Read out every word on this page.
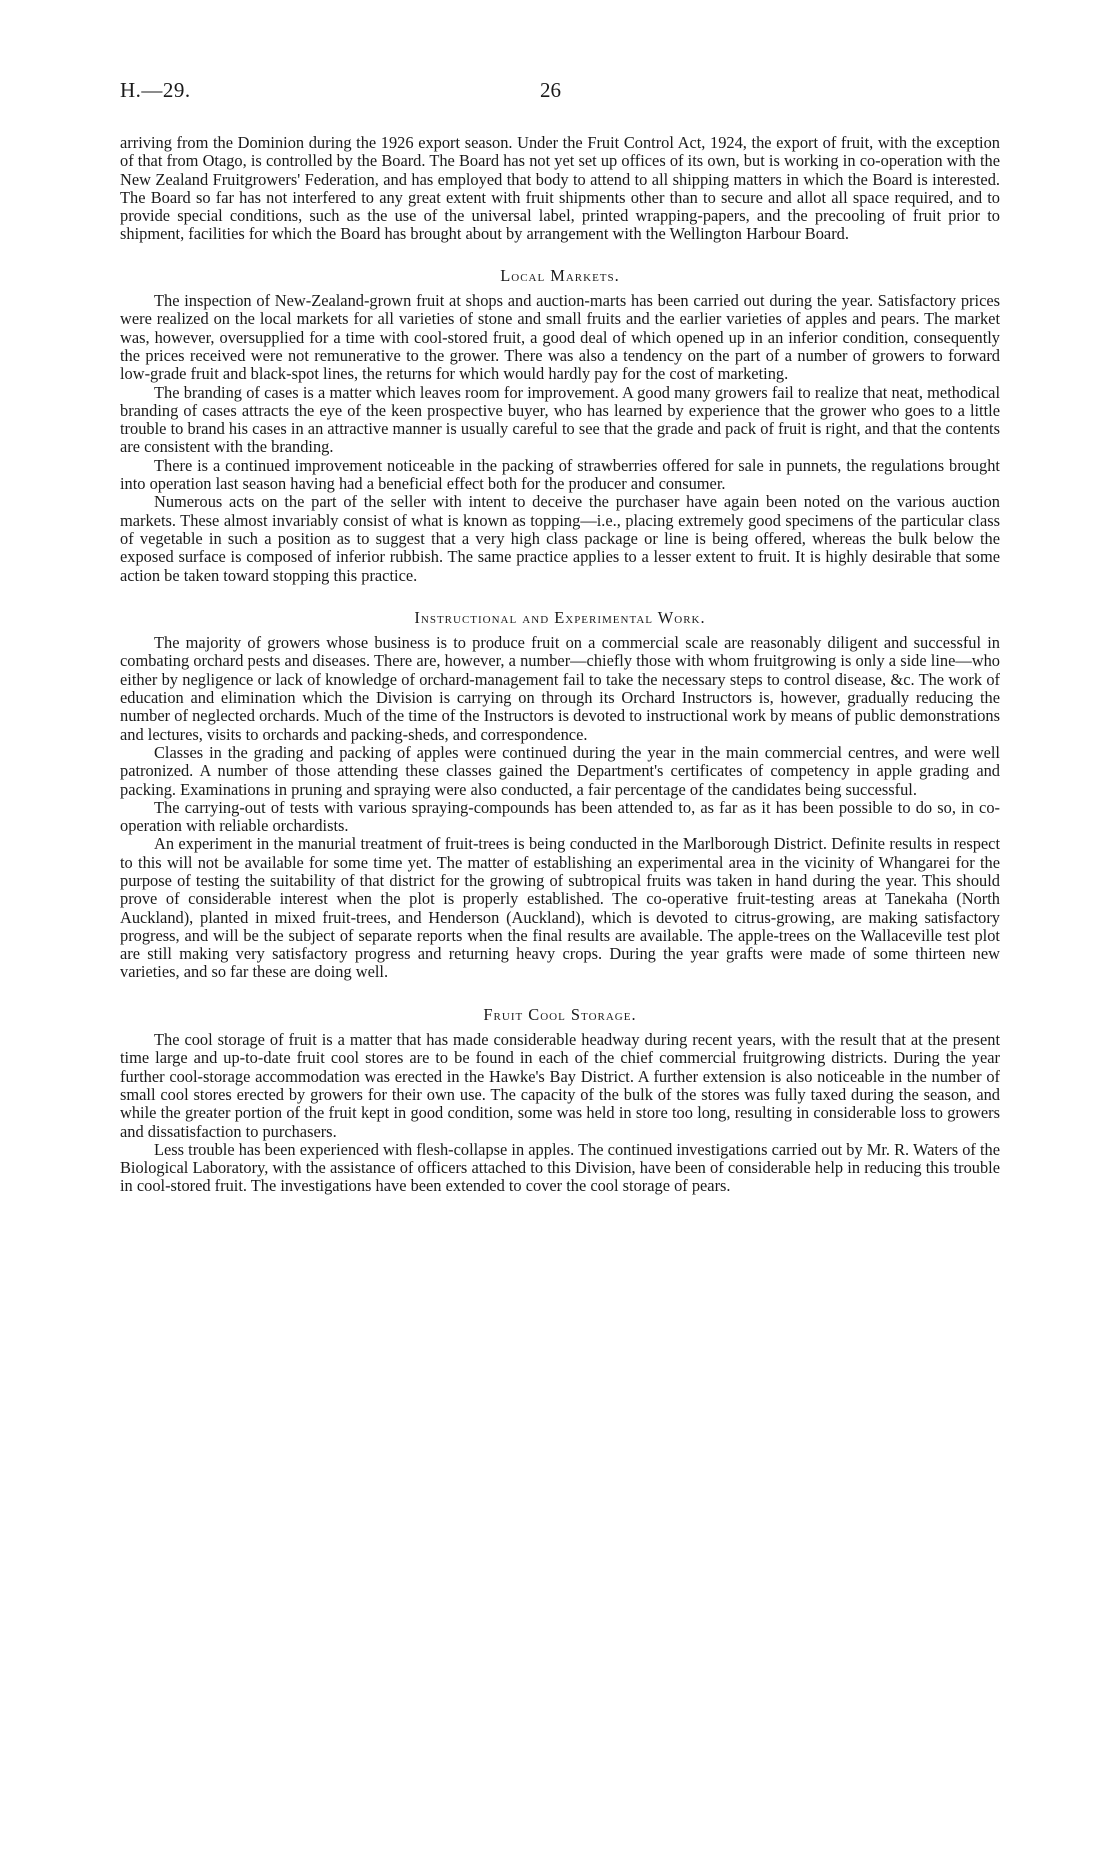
H.—29.	26

arriving from the Dominion during the 1926 export season. Under the Fruit Control Act, 1924, the export of fruit, with the exception of that from Otago, is controlled by the Board. The Board has not yet set up offices of its own, but is working in co-operation with the New Zealand Fruitgrowers' Federation, and has employed that body to attend to all shipping matters in which the Board is interested. The Board so far has not interfered to any great extent with fruit shipments other than to secure and allot all space required, and to provide special conditions, such as the use of the universal label, printed wrapping-papers, and the precooling of fruit prior to shipment, facilities for which the Board has brought about by arrangement with the Wellington Harbour Board.

Local Markets.

The inspection of New-Zealand-grown fruit at shops and auction-marts has been carried out during the year. Satisfactory prices were realized on the local markets for all varieties of stone and small fruits and the earlier varieties of apples and pears. The market was, however, oversupplied for a time with cool-stored fruit, a good deal of which opened up in an inferior condition, consequently the prices received were not remunerative to the grower. There was also a tendency on the part of a number of growers to forward low-grade fruit and black-spot lines, the returns for which would hardly pay for the cost of marketing.

The branding of cases is a matter which leaves room for improvement. A good many growers fail to realize that neat, methodical branding of cases attracts the eye of the keen prospective buyer, who has learned by experience that the grower who goes to a little trouble to brand his cases in an attractive manner is usually careful to see that the grade and pack of fruit is right, and that the contents are consistent with the branding.

There is a continued improvement noticeable in the packing of strawberries offered for sale in punnets, the regulations brought into operation last season having had a beneficial effect both for the producer and consumer.

Numerous acts on the part of the seller with intent to deceive the purchaser have again been noted on the various auction markets. These almost invariably consist of what is known as topping—i.e., placing extremely good specimens of the particular class of vegetable in such a position as to suggest that a very high class package or line is being offered, whereas the bulk below the exposed surface is composed of inferior rubbish. The same practice applies to a lesser extent to fruit. It is highly desirable that some action be taken toward stopping this practice.

Instructional and Experimental Work.

The majority of growers whose business is to produce fruit on a commercial scale are reasonably diligent and successful in combating orchard pests and diseases. There are, however, a number—chiefly those with whom fruitgrowing is only a side line—who either by negligence or lack of knowledge of orchard-management fail to take the necessary steps to control disease, &c. The work of education and elimination which the Division is carrying on through its Orchard Instructors is, however, gradually reducing the number of neglected orchards. Much of the time of the Instructors is devoted to instructional work by means of public demonstrations and lectures, visits to orchards and packing-sheds, and correspondence.

Classes in the grading and packing of apples were continued during the year in the main commercial centres, and were well patronized. A number of those attending these classes gained the Department's certificates of competency in apple grading and packing. Examinations in pruning and spraying were also conducted, a fair percentage of the candidates being successful.

The carrying-out of tests with various spraying-compounds has been attended to, as far as it has been possible to do so, in co-operation with reliable orchardists.

An experiment in the manurial treatment of fruit-trees is being conducted in the Marlborough District. Definite results in respect to this will not be available for some time yet. The matter of establishing an experimental area in the vicinity of Whangarei for the purpose of testing the suitability of that district for the growing of subtropical fruits was taken in hand during the year. This should prove of considerable interest when the plot is properly established. The co-operative fruit-testing areas at Tanekaha (North Auckland), planted in mixed fruit-trees, and Henderson (Auckland), which is devoted to citrus-growing, are making satisfactory progress, and will be the subject of separate reports when the final results are available. The apple-trees on the Wallaceville test plot are still making very satisfactory progress and returning heavy crops. During the year grafts were made of some thirteen new varieties, and so far these are doing well.

Fruit Cool Storage.

The cool storage of fruit is a matter that has made considerable headway during recent years, with the result that at the present time large and up-to-date fruit cool stores are to be found in each of the chief commercial fruitgrowing districts. During the year further cool-storage accommodation was erected in the Hawke's Bay District. A further extension is also noticeable in the number of small cool stores erected by growers for their own use. The capacity of the bulk of the stores was fully taxed during the season, and while the greater portion of the fruit kept in good condition, some was held in store too long, resulting in considerable loss to growers and dissatisfaction to purchasers.

Less trouble has been experienced with flesh-collapse in apples. The continued investigations carried out by Mr. R. Waters of the Biological Laboratory, with the assistance of officers attached to this Division, have been of considerable help in reducing this trouble in cool-stored fruit. The investigations have been extended to cover the cool storage of pears.
